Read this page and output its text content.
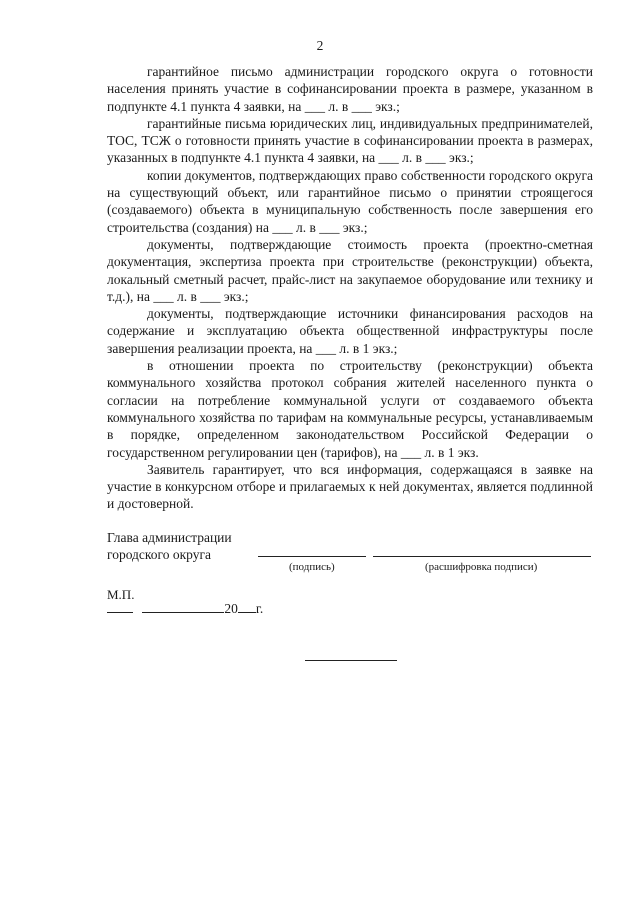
2

гарантийное письмо администрации городского округа о готовности населения принять участие в софинансировании проекта в размере, указанном в подпункте 4.1 пункта 4 заявки, на ___ л. в ___ экз.;

гарантийные письма юридических лиц, индивидуальных предпринимателей, ТОС, ТСЖ о готовности принять участие в софинансировании проекта в размерах, указанных в подпункте 4.1 пункта 4 заявки, на ___ л. в ___ экз.;

копии документов, подтверждающих право собственности городского округа на существующий объект, или гарантийное письмо о принятии строящегося (создаваемого) объекта в муниципальную собственность после завершения его строительства (создания) на ___ л. в ___ экз.;

документы, подтверждающие стоимость проекта (проектно-сметная документация, экспертиза проекта при строительстве (реконструкции) объекта, локальный сметный расчет, прайс-лист на закупаемое оборудование или технику и т.д.), на ___ л. в ___ экз.;

документы, подтверждающие источники финансирования расходов на содержание и эксплуатацию объекта общественной инфраструктуры после завершения реализации проекта, на ___ л. в 1 экз.;

в отношении проекта по строительству (реконструкции) объекта коммунального хозяйства протокол собрания жителей населенного пункта о согласии на потребление коммунальной услуги от создаваемого объекта коммунального хозяйства по тарифам на коммунальные ресурсы, устанавливаемым в порядке, определенном законодательством Российской Федерации о государственном регулировании цен (тарифов), на ___ л. в 1 экз.

Заявитель гарантирует, что вся информация, содержащаяся в заявке на участие в конкурсном отборе и прилагаемых к ней документах, является подлинной и достоверной.

Глава администрации

городского округа

(подпись)	(расшифровка подписи)
М.П.
20 г.
